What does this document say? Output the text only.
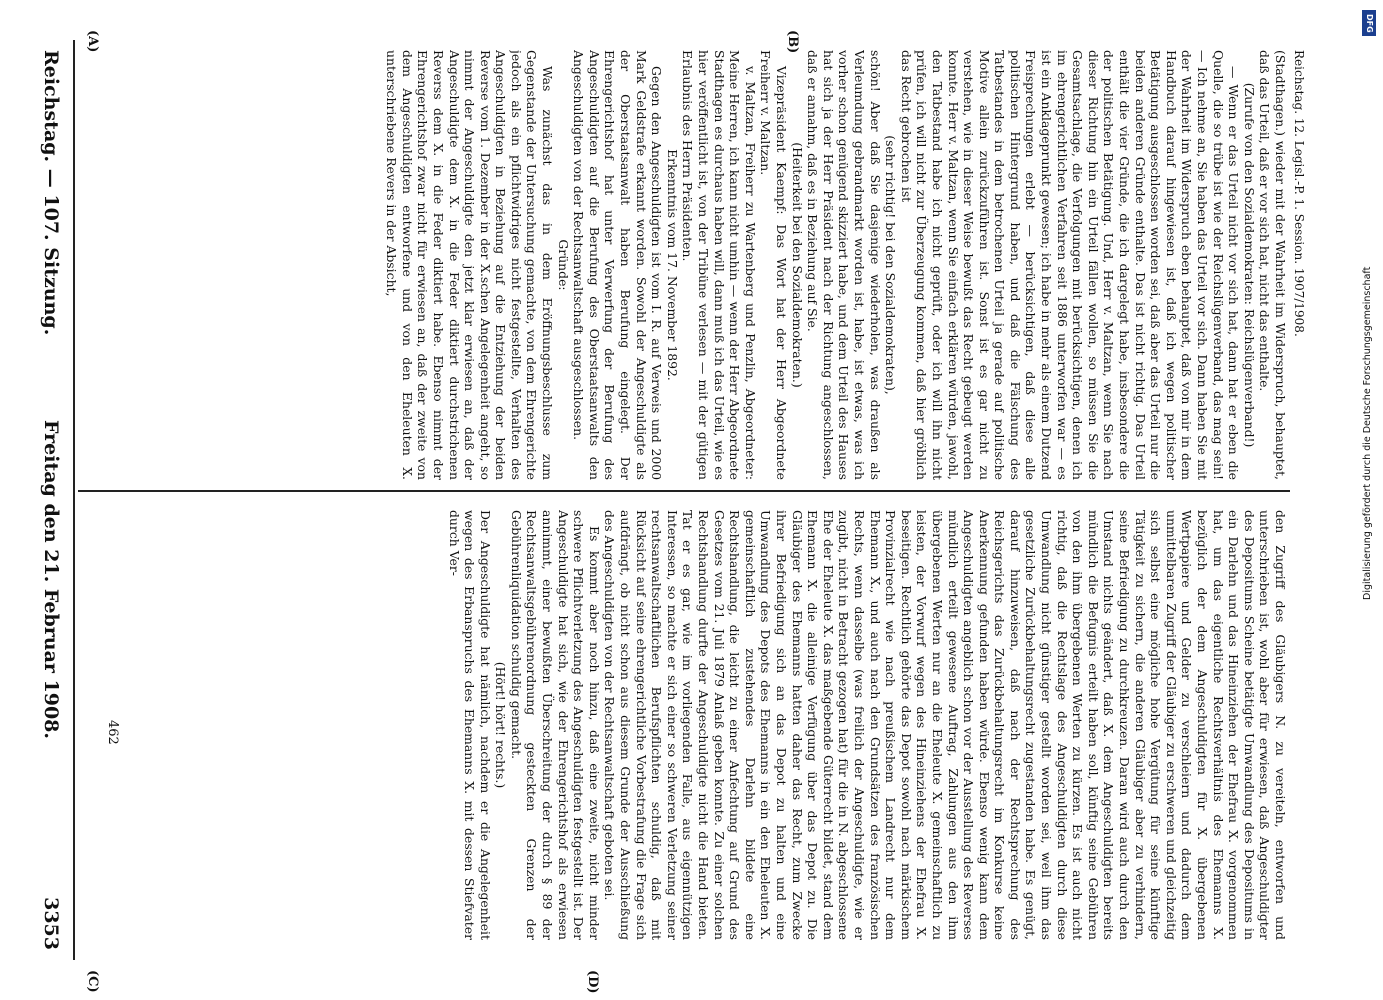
Reichstag. — 107. Sitzung.
Freitag den 21. Februar 1908.
3353

(Stadthagen.) wieder mit der Wahrheit im Widerspruch, behauptet, daß das Urteil, daß er vor sich hat, nicht das enthalte.

(Zurufe von den Sozialdemokraten: Reichslügenverband!)

— Wenn er das Urteil nicht vor sich hat, dann hat er eben die Quelle, die so trübe ist wie der Reichslügenverband, das mag sein! — Ich nehme an, Sie haben das Urteil vor sich. Dann haben Sie mit der Wahrheit im Widerspruch eben behauptet, daß von mir in dem Handbuch darauf hingewiesen ist, daß ich wegen politischer Betätigung ausgeschlossen worden sei, daß aber das Urteil nur die beiden anderen Gründe enthalte. Das ist nicht richtig. Das Urteil enthält die vier Gründe, die ich dargelegt habe, insbesondere die der politischen Betätigung. Und, Herr v. Maltzan, wenn Sie nach dieser Richtung hin ein Urteil fällen wollen, so müssen Sie die Gesamtsachlage, die Verfolgungen mit berücksichtigen, denen ich im ehrengerichtlichen Verfahren seit 1886 unterworfen war — es ist ein Anklageprunkt gewesen; ich habe in mehr als einem Dutzend Freisprechungen erlebt — berücksichtigen, daß diese alle politischen Hintergrund haben, und daß die Fälschung des Tatbestandes in dem betrochenen Urteil ja gerade auf politische Motive allein zurückzuführen ist. Sonst ist es gar nicht zu verstehen, wie in dieser Weise bewußt das Recht gebeugt werden konnte. Herr v. Maltzan, wenn Sie einfach erklären würden, jawohl, den Tatbestand habe ich nicht geprüft, oder ich will ihn nicht prüfen, ich will nicht zur Überzeugung kommen, daß hier gröblich das Recht gebrochen ist

(sehr richtig! bei den Sozialdemokraten),

schön! Aber daß Sie dasjenige wiederholen, was draußen als Verleumdung gebrandmarkt worden ist, habe, ist etwas, was ich vorher schon genügend skizziert habe, und dem Urteil des Hauses hat sich ja der Herr Präsident nach der Richtung angeschlossen, daß er annahm, daß es in Beziehung auf Sie.

(Heiterkeit bei den Sozialdemokraten.)

Vizepräsident Kaempf: Das Wort hat der Herr Abgeordnete Freiherr v. Maltzan.

v. Maltzan, Freiherr zu Wartenberg und Penzlin, Abgeordneter: Meine Herren, ich kann nicht umhin — wenn der Herr Abgeordnete Stadthagen es durchaus haben will, dann muß ich das Urteil, wie es hier veröffentlicht ist, von der Tribüne verlesen — mit der gütigen Erlaubnis des Herrn Präsidenten.

Erkenntnis vom 17. November 1892.

Gegen den Angeschuldigten ist vom I. R. auf Verweis und 2000 Mark Geldstrafe erkannt worden. Sowohl der Angeschuldigte als der Oberstaatsanwalt haben Berufung eingelegt. Der Ehrengerichtshof hat unter Verwerfung der Berufung des Angeschuldigten auf die Berufung des Oberstaatsanwalts den Angeschuldigten von der Rechtsanwaltschaft ausgeschlossen.

Gründe:

Was zunächst das in dem Eröffnungsbeschlusse zum Gegenstande der Untersuchung gemachte, von dem Ehrengerichte jedoch als ein pflichtwidriges nicht festgestellte, Verhalten des Angeschuldigten in Beziehung auf die Entziehung der beiden Reverse vom 1. Dezember in der X.schen Angelegenheit angeht, so nimmt der Angeschuldigte den jetzt klar erwiesen an, daß der Angeschuldigte dem X. in die Feder diktiert durchstrichenen Reverss dem X. in die Feder diktiert habe. Ebenso nimmt der Ehrengerichtshof zwar nicht für erwiesen an, daß der zweite von dem Angeschuldigten entworfene und von den Eheleuten X. unterschriebene Revers in der Absicht,

den Zugriff des Gläubigers N. zu vereiteln, entworfen und unterschrieben ist, wohl aber für erwiesen, daß Angeschuldigter des Depositums Scheine betätigte Umwandlung des Depositums in ein Darlehn und das Hineinziehen der Ehefrau X. vorgenommen hat, um das eigentliche Rechtsverhältnis des Ehemanns X. bezüglich der dem Angeschuldigten für X. übergebenen Wertpapiere und Gelder zu verschleiern und dadurch dem unmittelbaren Zugriff der Gläubiger zu erschweren und gleichzeitig sich selbst eine mögliche hohe Vergütung für seine künftige Tätigkeit zu sichern, die anderen Gläubiger aber zu verhindern, seine Befriedigung zu durchkreuzen. Daran wird auch durch den Umstand nichts geändert, daß X. dem Angeschuldigten bereits mündlich die Befugnis erteilt haben soll, künftig seine Gebühren von den ihm übergebenen Werten zu kürzen. Es ist auch nicht richtig, daß die Rechtslage des Angeschuldigten durch diese Umwandlung nicht günstiger gestellt worden sei, weil ihm das gesetzliche Zurückbehaltungsrecht zugestanden habe. Es genügt, darauf hinzuweisen, daß nach der Rechtsprechung des Reichsgerichts das Zurückbehaltungsrecht im Konkurse keine Anerkennung gefunden haben würde. Ebenso wenig kann dem Angeschuldigten angeblich schon vor der Ausstellung des Reverses mündlich erteilt gewesene Auftrag, Zahlungen aus den ihm übergebenen Werten nur an die Eheleute X. gemeinschaftlich zu leisten, der Vorwurf wegen des Hineinziehens der Ehefrau X. beseitigen. Rechtlich gehörte das Depot sowohl nach märkischem Provinzialrecht wie nach preußischem Landrecht nur dem Ehemann X., und auch nach den Grundsätzen des französischen Rechts, wenn dasselbe (was freilich der Angeschuldigte, wie er zugibt, nicht in Betracht gezogen hat) für die in N. abgeschlossene Ehe der Eheleute X. das maßgebende Güterrecht bildet, stand dem Ehemann X. die alleinige Verfügung über das Depot zu. Die Gläubiger des Ehemanns hatten daher das Recht, zum Zwecke ihrer Befriedigung sich an das Depot zu halten und eine Umwandlung des Depots des Ehemanns in ein den Eheleuten X. gemeinschaftlich zustehendes Darlehn bildete eine Rechtshandlung, die leicht zu einer Anfechtung auf Grund des Gesetzes vom 21. Juli 1879 Anlaß geben konnte. Zu einer solchen Rechtshandlung durfte der Angeschuldigte nicht die Hand bieten. Tat er es gar, wie im vorliegenden Falle, aus eigennützigen Interessen, so machte er sich einer so schweren Verletzung seiner rechtsanwaltschaftlichen Berufspflichten schuldig, daß mit Rücksicht auf seine ehrengerichtliche Vorbestrafung die Frage sich aufdrängt, ob nicht schon aus diesem Grunde der Ausschließung des Angeschuldigten von der Rechtsanwaltschaft geboten sei.

Es kommt aber noch hinzu, daß eine zweite, nicht minder schwere Pflichtverletzung des Angeschuldigten festgestellt ist. Der Angeschuldigte hat sich, wie der Ehrengerichtshof als erwiesen annimmt, einer bewußten Überschreitung der durch § 89 der Rechtsanwaltsgebührenordnung gesteckten Grenzen der Gebührenliquidation schuldig gemacht.

(Hört! hört! rechts.)

Der Angeschuldigte hat nämlich, nachdem er die Angelegenheit wegen des Erbanspruchs des Ehemanns X. mit dessen Stiefvater durch Ver-

(A)	(B)
(C)	(D)
Reichstag. 12. Legisl.-P. 1. Session. 1907/1908.
462
DFG
Digitalisierung gefördert durch die Deutsche Forschungsgemeinschaft
